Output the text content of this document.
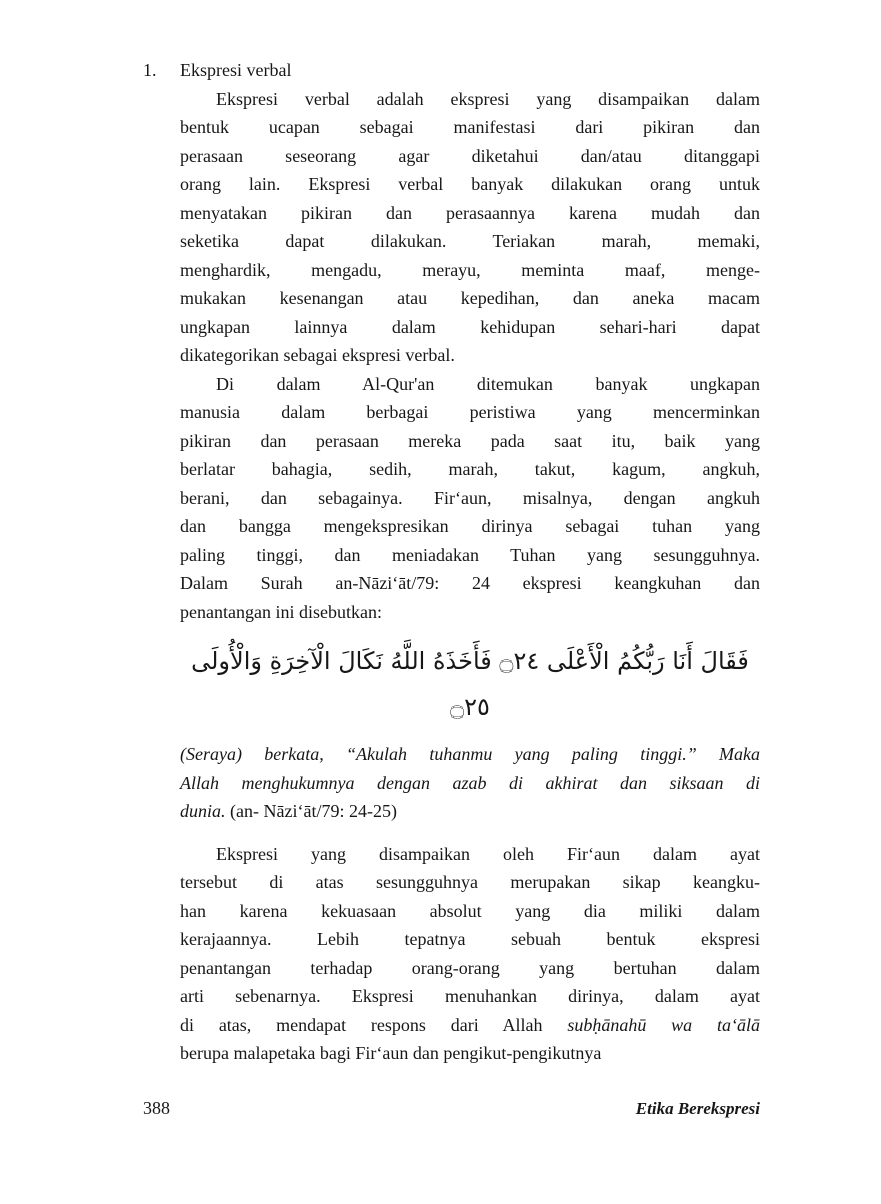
1.	Ekspresi verbal
Ekspresi verbal adalah ekspresi yang disampaikan dalam
bentuk ucapan sebagai manifestasi dari pikiran dan
perasaan seseorang agar diketahui dan/atau ditanggapi
orang lain. Ekspresi verbal banyak dilakukan orang untuk
menyatakan pikiran dan perasaannya karena mudah dan
seketika dapat dilakukan. Teriakan marah, memaki,
menghardik, mengadu, merayu, meminta maaf, menge-
mukakan kesenangan atau kepedihan, dan aneka macam
ungkapan lainnya dalam kehidupan sehari-hari dapat
dikategorikan sebagai ekspresi verbal.
Di dalam Al-Qur'an ditemukan banyak ungkapan
manusia dalam berbagai peristiwa yang mencerminkan
pikiran dan perasaan mereka pada saat itu, baik yang
berlatar bahagia, sedih, marah, takut, kagum, angkuh,
berani, dan sebagainya. Fir‘aun, misalnya, dengan angkuh
dan bangga mengekspresikan dirinya sebagai tuhan yang
paling tinggi, dan meniadakan Tuhan yang sesungguhnya.
Dalam Surah an-Nāzi‘āt/79: 24 ekspresi keangkuhan dan
penantangan ini disebutkan:
فَقَالَ أَنَا رَبُّكُمُ الْأَعْلَى ۝٢٤ فَأَخَذَهُ اللَّهُ نَكَالَ الْآخِرَةِ وَالْأُولَى ۝٢٥
(Seraya) berkata, “Akulah tuhanmu yang paling tinggi.” Maka
Allah menghukumnya dengan azab di akhirat dan siksaan di
dunia. (an- Nāzi‘āt/79: 24-25)
Ekspresi yang disampaikan oleh Fir‘aun dalam ayat
tersebut di atas sesungguhnya merupakan sikap keangku-
han karena kekuasaan absolut yang dia miliki dalam
kerajaannya. Lebih tepatnya sebuah bentuk ekspresi
penantangan terhadap orang-orang yang bertuhan dalam
arti sebenarnya. Ekspresi menuhankan dirinya, dalam ayat
di atas, mendapat respons dari Allah subḥānahū wa ta‘ālā
berupa malapetaka bagi Fir‘aun dan pengikut-pengikutnya
388	Etika Berekspresi
